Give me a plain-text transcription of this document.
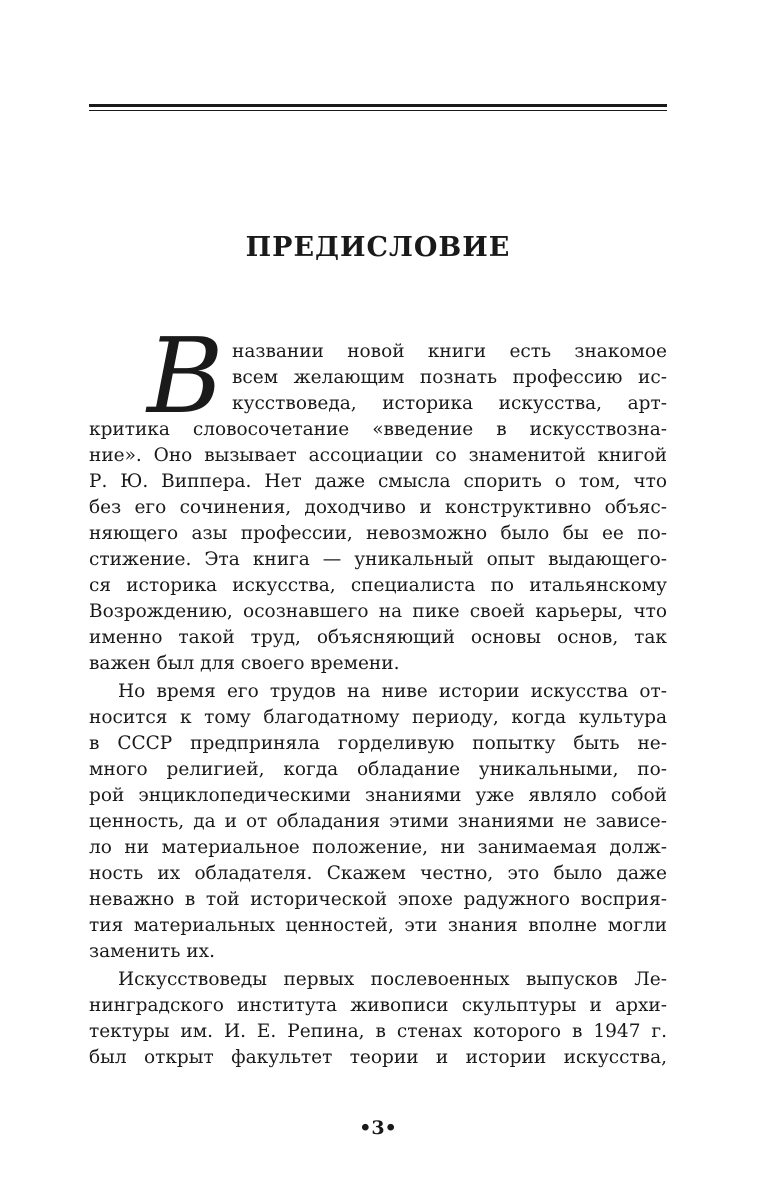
ПРЕДИСЛОВИЕ
В названии новой книги есть знакомое
всем желающим познать профессию ис-
кусствоведа, историка искусства, арт-
критика словосочетание «введение в искусствозна-
ние». Оно вызывает ассоциации со знаменитой книгой
Р. Ю. Виппера. Нет даже смысла спорить о том, что
без его сочинения, доходчиво и конструктивно объяс-
няющего азы профессии, невозможно было бы ее по-
стижение. Эта книга — уникальный опыт выдающего-
ся историка искусства, специалиста по итальянскому
Возрождению, осознавшего на пике своей карьеры, что
именно такой труд, объясняющий основы основ, так
важен был для своего времени.
Но время его трудов на ниве истории искусства от-
носится к тому благодатному периоду, когда культура
в СССР предприняла горделивую попытку быть не-
много религией, когда обладание уникальными, по-
рой энциклопедическими знаниями уже являло собой
ценность, да и от обладания этими знаниями не зависе-
ло ни материальное положение, ни занимаемая долж-
ность их обладателя. Скажем честно, это было даже
неважно в той исторической эпохе радужного восприя-
тия материальных ценностей, эти знания вполне могли
заменить их.
Искусствоведы первых послевоенных выпусков Ле-
нинградского института живописи скульптуры и архи-
тектуры им. И. Е. Репина, в стенах которого в 1947 г.
был открыт факультет теории и истории искусства,
•3•
